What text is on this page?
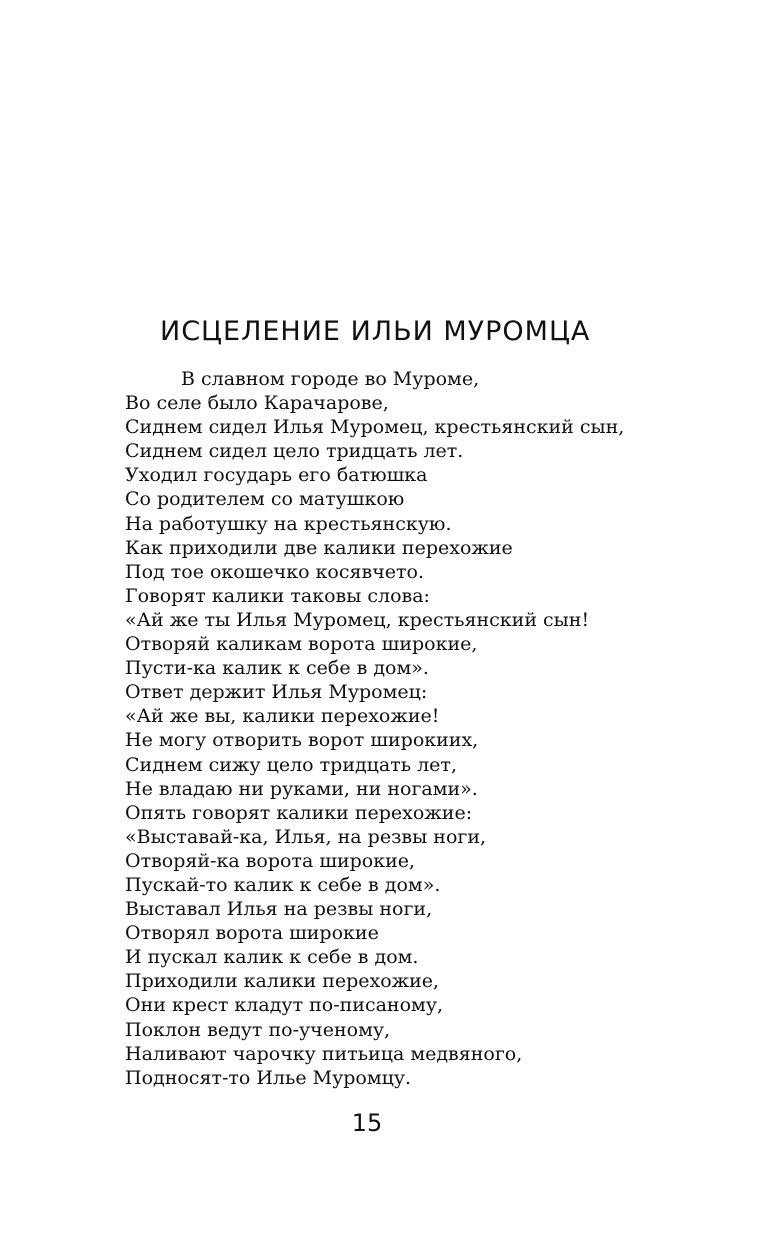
ИСЦЕЛЕНИЕ ИЛЬИ МУРОМЦА
В славном городе во Муроме,
Во селе было Карачарове,
Сиднем сидел Илья Муромец, крестьянский сын,
Сиднем сидел цело тридцать лет.
Уходил государь его батюшка
Со родителем со матушкою
На работушку на крестьянскую.
Как приходили две калики перехожие
Под тое окошечко косявчето.
Говорят калики таковы слова:
«Ай же ты Илья Муромец, крестьянский сын!
Отворяй каликам ворота широкие,
Пусти-ка калик к себе в дом».
Ответ держит Илья Муромец:
«Ай же вы, калики перехожие!
Не могу отворить ворот широкиих,
Сиднем сижу цело тридцать лет,
Не владаю ни руками, ни ногами».
Опять говорят калики перехожие:
«Выставай-ка, Илья, на резвы ноги,
Отворяй-ка ворота широкие,
Пускай-то калик к себе в дом».
Выставал Илья на резвы ноги,
Отворял ворота широкие
И пускал калик к себе в дом.
Приходили калики перехожие,
Они крест кладут по-писаному,
Поклон ведут по-ученому,
Наливают чарочку питьица медвяного,
Подносят-то Илье Муромцу.
15
